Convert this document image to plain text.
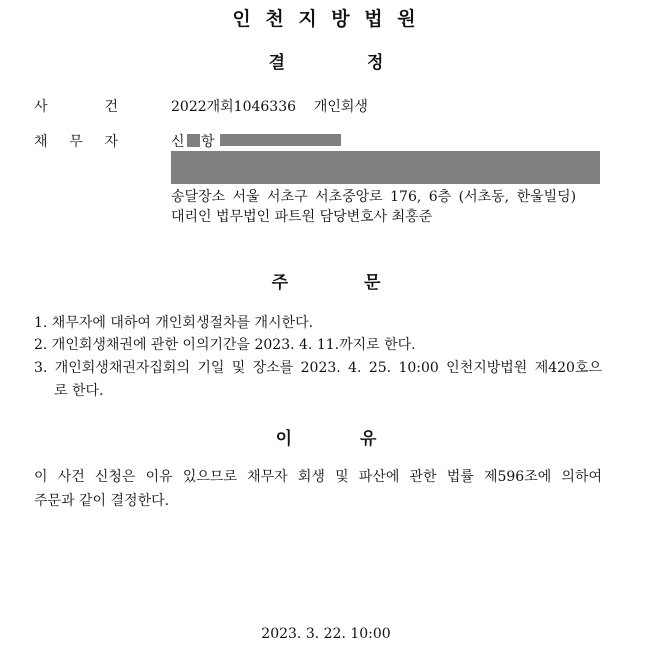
인 천 지 방 법 원
결	정
사	건	2022개회1046336 개인회생
채 무 자	신 항
송달장소 서울 서초구 서초중앙로 176, 6층 (서초동, 한울빌딩)
대리인 법무법인 파트원 담당변호사 최홍준
주	문
1. 채무자에 대하여 개인회생절차를 개시한다.
2. 개인회생채권에 관한 이의기간을 2023. 4. 11.까지로 한다.
3. 개인회생채권자집회의 기일 및 장소를 2023. 4. 25. 10:00 인천지방법원 제420호으
로 한다.
이	유
이 사건 신청은 이유 있으므로 채무자 회생 및 파산에 관한 법률 제596조에 의하여
주문과 같이 결정한다.
2023. 3. 22. 10:00
